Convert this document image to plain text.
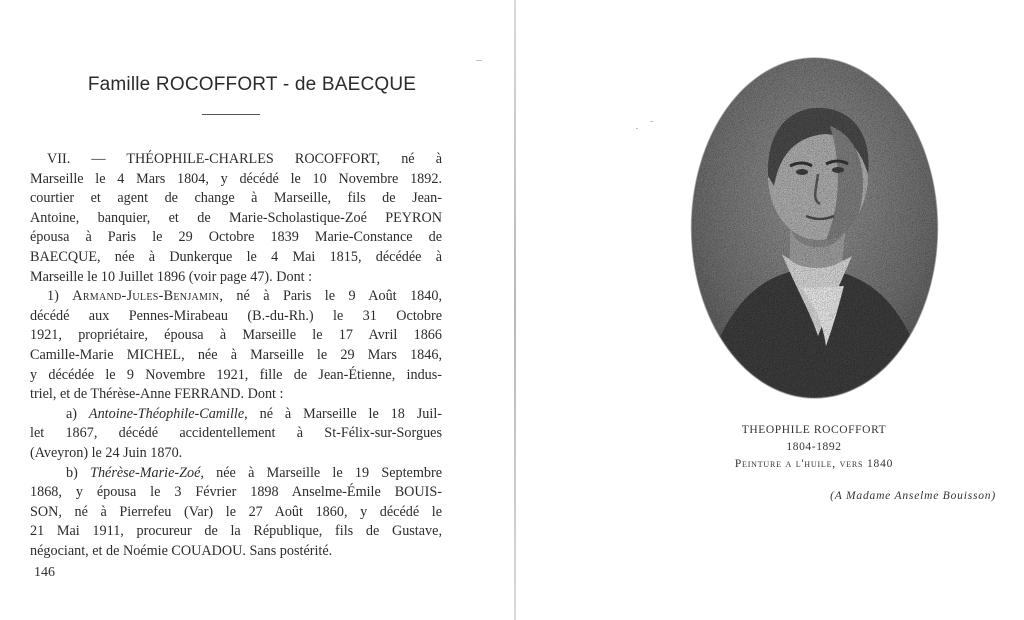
Famille ROCOFFORT - de BAECQUE
VII. — THÉOPHILE-CHARLES ROCOFFORT, né à
Marseille le 4 Mars 1804, y décédé le 10 Novembre 1892.
courtier et agent de change à Marseille, fils de Jean-
Antoine, banquier, et de Marie-Scholastique-Zoé PEYRON
épousa à Paris le 29 Octobre 1839 Marie-Constance de
BAECQUE, née à Dunkerque le 4 Mai 1815, décédée à
Marseille le 10 Juillet 1896 (voir page 47). Dont :
1) Armand-Jules-Benjamin, né à Paris le 9 Août 1840,
décédé aux Pennes-Mirabeau (B.-du-Rh.) le 31 Octobre
1921, propriétaire, épousa à Marseille le 17 Avril 1866
Camille-Marie MICHEL, née à Marseille le 29 Mars 1846,
y décédée le 9 Novembre 1921, fille de Jean-Étienne, indus-
triel, et de Thérèse-Anne FERRAND. Dont :
a) Antoine-Théophile-Camille, né à Marseille le 18 Juil-
let 1867, décédé accidentellement à St-Félix-sur-Sorgues
(Aveyron) le 24 Juin 1870.
b) Thérèse-Marie-Zoé, née à Marseille le 19 Septembre
1868, y épousa le 3 Février 1898 Anselme-Émile BOUIS-
SON, né à Pierrefeu (Var) le 27 Août 1860, y décédé le
21 Mai 1911, procureur de la République, fils de Gustave,
négociant, et de Noémie COUADOU. Sans postérité.
146
THEOPHILE ROCOFFORT
1804-1892
Peinture a l'huile, vers 1840
(A Madame Anselme Bouisson)
